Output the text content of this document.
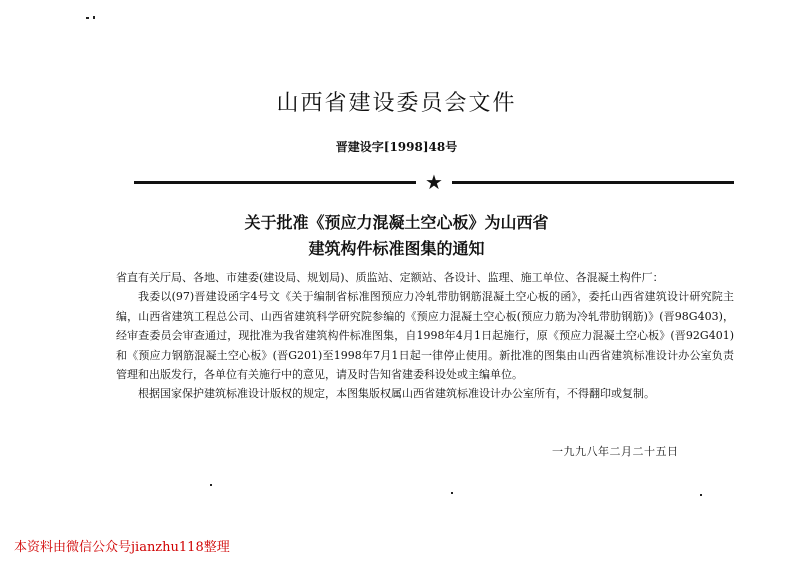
山西省建设委员会文件
晋建设字[1998]48号
★
关于批准《预应力混凝土空心板》为山西省
建筑构件标准图集的通知

省直有关厅局、各地、市建委(建设局、规划局)、质监站、定额站、各设计、监理、施工单位、各混凝土构件厂：

我委以(97)晋建设函字4号文《关于编制省标准图预应力冷轧带肋钢筋混凝土空心板的函》，委托山西省建筑设计研究院主编，山西省建筑工程总公司、山西省建筑科学研究院参编的《预应力混凝土空心板(预应力筋为冷轧带肋钢筋)》(晋98G403)，经审查委员会审查通过，现批准为我省建筑构件标准图集，自1998年4月1日起施行，原《预应力混凝土空心板》(晋92G401)和《预应力钢筋混凝土空心板》(晋G201)至1998年7月1日起一律停止使用。新批准的图集由山西省建筑标准设计办公室负责管理和出版发行，各单位有关施行中的意见，请及时告知省建委科设处或主编单位。

根据国家保护建筑标准设计版权的规定，本图集版权属山西省建筑标准设计办公室所有，不得翻印或复制。

一九九八年二月二十五日
本资料由微信公众号jianzhu118整理
